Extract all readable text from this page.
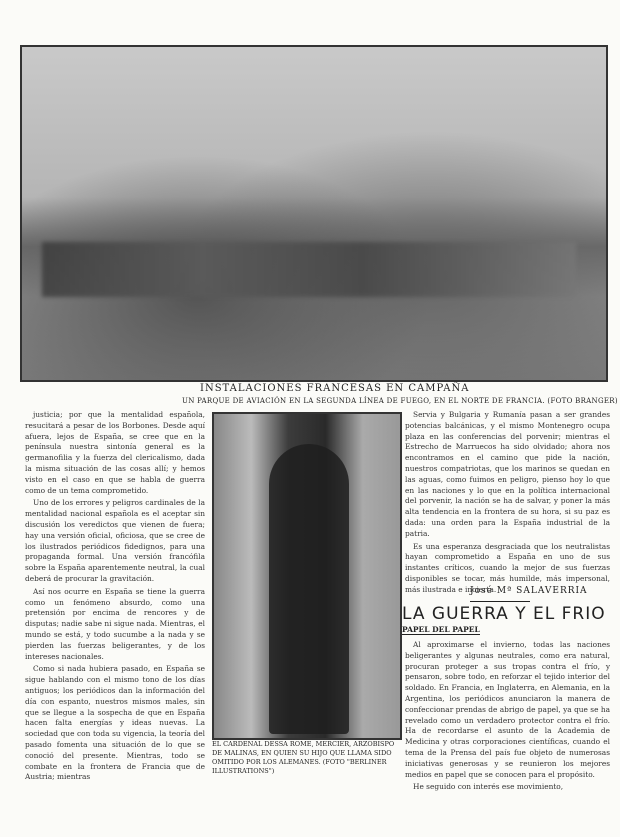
INSTALACIONES FRANCESAS EN CAMPAÑA
UN PARQUE DE AVIACIÓN EN LA SEGUNDA LÍNEA DE FUEGO, EN EL NORTE DE FRANCIA. (FOTO BRANGER)

justicia; por que la mentalidad española, resucitará a pesar de los Borbones. Desde aquí afuera, lejos de España, se cree que en la península nuestra sintonía general es la germanofilia y la fuerza del clericalismo, dada la misma situación de las cosas allí; y hemos visto en el caso en que se habla de guerra como de un tema comprometido.

Uno de los errores y peligros cardinales de la mentalidad nacional española es el aceptar sin discusión los veredictos que vienen de fuera; hay una versión oficial, oficiosa, que se cree de los ilustrados periódicos fidedignos, para una propaganda formal. Una versión francófila sobre la España aparentemente neutral, la cual deberá de procurar la gravitación.

Así nos ocurre en España se tiene la guerra como un fenómeno absurdo, como una pretensión por encima de rencores y de disputas; nadie sabe ni sigue nada. Mientras, el mundo se está, y todo sucumbe a la nada y se pierden las fuerzas beligerantes, y de los intereses nacionales.

Como si nada hubiera pasado, en España se sigue hablando con el mismo tono de los días antiguos; los periódicos dan la información del día con espanto, nuestros mismos males, sin que se llegue a la sospecha de que en España hacen falta energías y ideas nuevas. La sociedad que con toda su vigencia, la teoría del pasado fomenta una situación de lo que se conoció del presente. Mientras, todo se combate en la frontera de Francia que de Austria; mientras

EL CARDENAL DESSA ROME, MERCIER, ARZOBISPO DE MALINAS, EN QUIEN SU HIJO QUE LLAMA SIDO OMITIDO POR LOS ALEMANES. (FOTO "BERLINER ILLUSTRATIONS")

Servia y Bulgaria y Rumanía pasan a ser grandes potencias balcánicas, y el mismo Montenegro ocupa plaza en las conferencias del porvenir; mientras el Estrecho de Marruecos ha sido olvidado; ahora nos encontramos en el camino que pide la nación, nuestros compatriotas, que los marinos se quedan en las aguas, como fuimos en peligro, pienso hoy lo que en las naciones y lo que en la política internacional del porvenir, la nación se ha de salvar, y poner la más alta tendencia en la frontera de su hora, si su paz es dada: una orden para la España industrial de la patria.

Es una esperanza desgraciada que los neutralistas hayan comprometido a España en uno de sus instantes críticos, cuando la mejor de sus fuerzas disponibles se tocar, más humilde, más impersonal, más ilustrada e incierta.

José Mª SALAVERRIA
LA GUERRA Y EL FRIO
PAPEL DEL PAPEL

Al aproximarse el invierno, todas las naciones beligerantes y algunas neutrales, como era natural, procuran proteger a sus tropas contra el frío, y pensaron, sobre todo, en reforzar el tejido interior del soldado. En Francia, en Inglaterra, en Alemania, en la Argentina, los periódicos anunciaron la manera de confeccionar prendas de abrigo de papel, ya que se ha revelado como un verdadero protector contra el frío. Ha de recordarse el asunto de la Academia de Medicina y otras corporaciones científicas, cuando el tema de la Prensa del país fue objeto de numerosas iniciativas generosas y se reunieron los mejores medios en papel que se conocen para el propósito.

He seguido con interés ese movimiento,
